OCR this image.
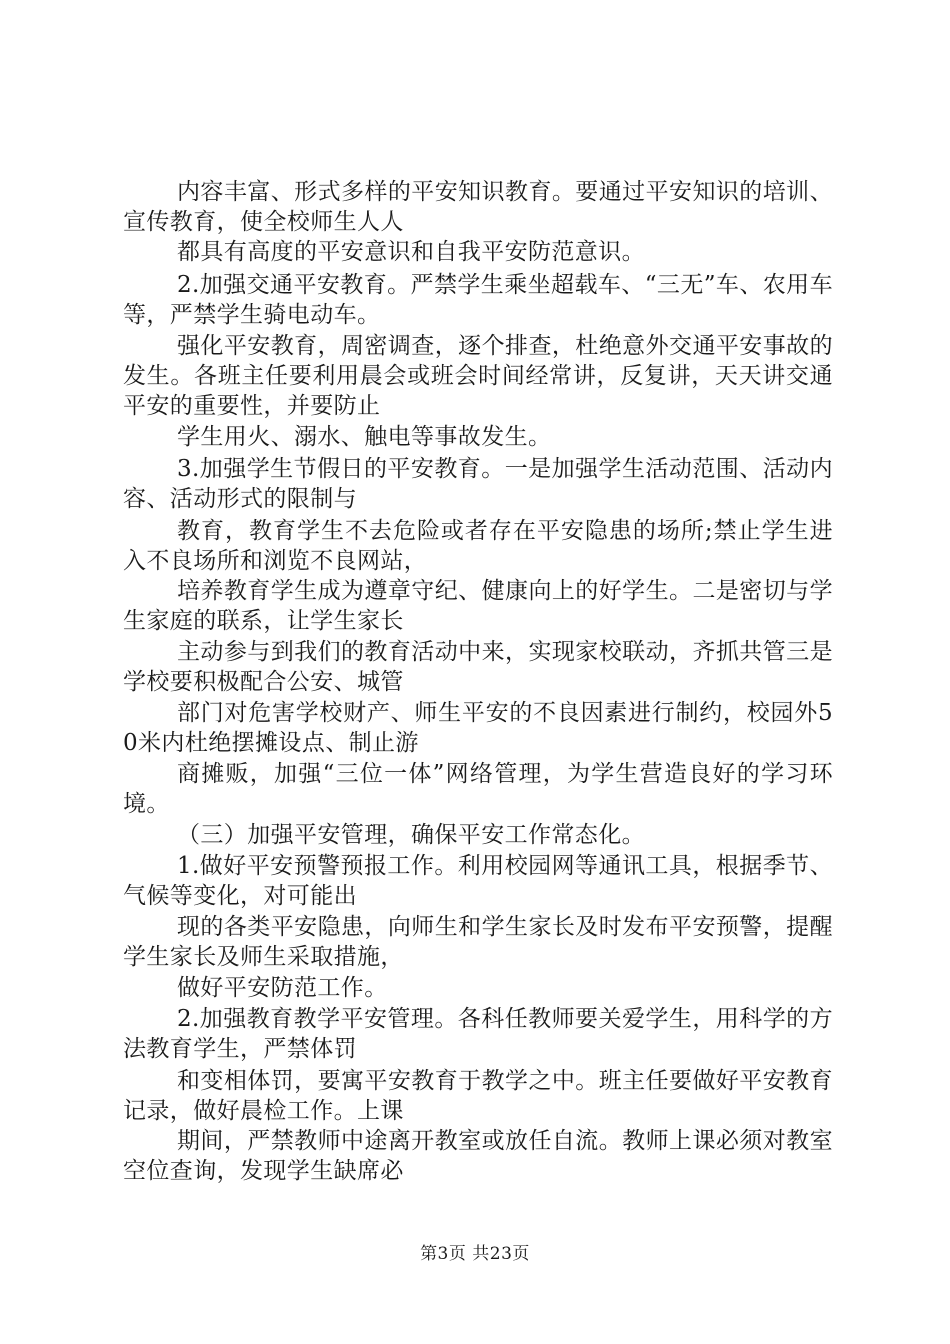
内容丰富、形式多样的平安知识教育。要通过平安知识的培训、宣传教育，使全校师生人人

都具有高度的平安意识和自我平安防范意识。

2.加强交通平安教育。严禁学生乘坐超载车、“三无”车、农用车等，严禁学生骑电动车。

强化平安教育，周密调查，逐个排查，杜绝意外交通平安事故的发生。各班主任要利用晨会或班会时间经常讲，反复讲，天天讲交通平安的重要性，并要防止

学生用火、溺水、触电等事故发生。

3.加强学生节假日的平安教育。一是加强学生活动范围、活动内容、活动形式的限制与

教育，教育学生不去危险或者存在平安隐患的场所;禁止学生进入不良场所和浏览不良网站，

培养教育学生成为遵章守纪、健康向上的好学生。二是密切与学生家庭的联系，让学生家长

主动参与到我们的教育活动中来，实现家校联动，齐抓共管三是学校要积极配合公安、城管

部门对危害学校财产、师生平安的不良因素进行制约，校园外50米内杜绝摆摊设点、制止游

商摊贩，加强“三位一体”网络管理，为学生营造良好的学习环境。

（三）加强平安管理，确保平安工作常态化。

1.做好平安预警预报工作。利用校园网等通讯工具，根据季节、气候等变化，对可能出

现的各类平安隐患，向师生和学生家长及时发布平安预警，提醒学生家长及师生采取措施，

做好平安防范工作。

2.加强教育教学平安管理。各科任教师要关爱学生，用科学的方法教育学生，严禁体罚

和变相体罚，要寓平安教育于教学之中。班主任要做好平安教育记录，做好晨检工作。上课

期间，严禁教师中途离开教室或放任自流。教师上课必须对教室空位查询，发现学生缺席必

第3页 共23页
